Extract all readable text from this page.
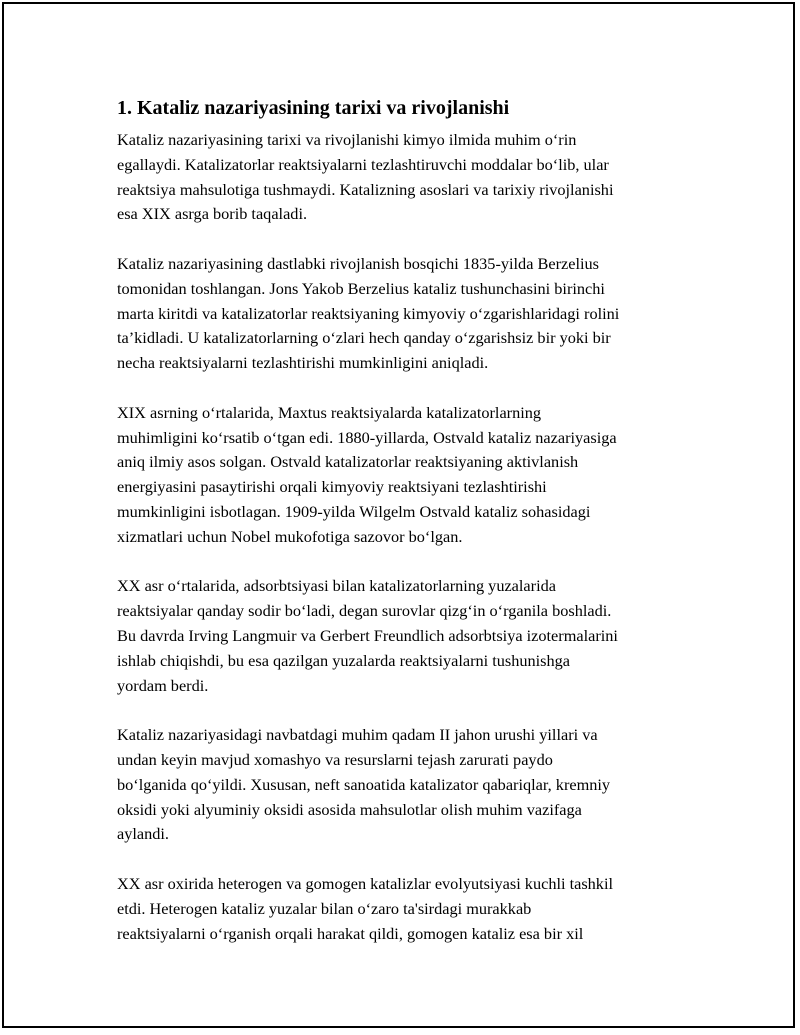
1. Kataliz nazariyasining tarixi va rivojlanishi

Kataliz nazariyasining tarixi va rivojlanishi kimyo ilmida muhim o‘rin
egallaydi. Katalizatorlar reaktsiyalarni tezlashtiruvchi moddalar bo‘lib, ular
reaktsiya mahsulotiga tushmaydi. Katalizning asoslari va tarixiy rivojlanishi
esa XIX asrga borib taqaladi.

Kataliz nazariyasining dastlabki rivojlanish bosqichi 1835-yilda Berzelius
tomonidan toshlangan. Jons Yakob Berzelius kataliz tushunchasini birinchi
marta kiritdi va katalizatorlar reaktsiyaning kimyoviy o‘zgarishlaridagi rolini
ta’kidladi. U katalizatorlarning o‘zlari hech qanday o‘zgarishsiz bir yoki bir
necha reaktsiyalarni tezlashtirishi mumkinligini aniqladi.

XIX asrning o‘rtalarida, Maxtus reaktsiyalarda katalizatorlarning
muhimligini ko‘rsatib o‘tgan edi. 1880-yillarda, Ostvald kataliz nazariyasiga
aniq ilmiy asos solgan. Ostvald katalizatorlar reaktsiyaning aktivlanish
energiyasini pasaytirishi orqali kimyoviy reaktsiyani tezlashtirishi
mumkinligini isbotlagan. 1909-yilda Wilgelm Ostvald kataliz sohasidagi
xizmatlari uchun Nobel mukofotiga sazovor bo‘lgan.

XX asr o‘rtalarida, adsorbtsiyasi bilan katalizatorlarning yuzalarida
reaktsiyalar qanday sodir bo‘ladi, degan surovlar qizg‘in o‘rganila boshladi.
Bu davrda Irving Langmuir va Gerbert Freundlich adsorbtsiya izotermalarini
ishlab chiqishdi, bu esa qazilgan yuzalarda reaktsiyalarni tushunishga
yordam berdi.

Kataliz nazariyasidagi navbatdagi muhim qadam II jahon urushi yillari va
undan keyin mavjud xomashyo va resurslarni tejash zarurati paydo
bo‘lganida qo‘yildi. Xususan, neft sanoatida katalizator qabariqlar, kremniy
oksidi yoki alyuminiy oksidi asosida mahsulotlar olish muhim vazifaga
aylandi.

XX asr oxirida heterogen va gomogen katalizlar evolyutsiyasi kuchli tashkil
etdi. Heterogen kataliz yuzalar bilan o‘zaro ta'sirdagi murakkab
reaktsiyalarni o‘rganish orqali harakat qildi, gomogen kataliz esa bir xil
